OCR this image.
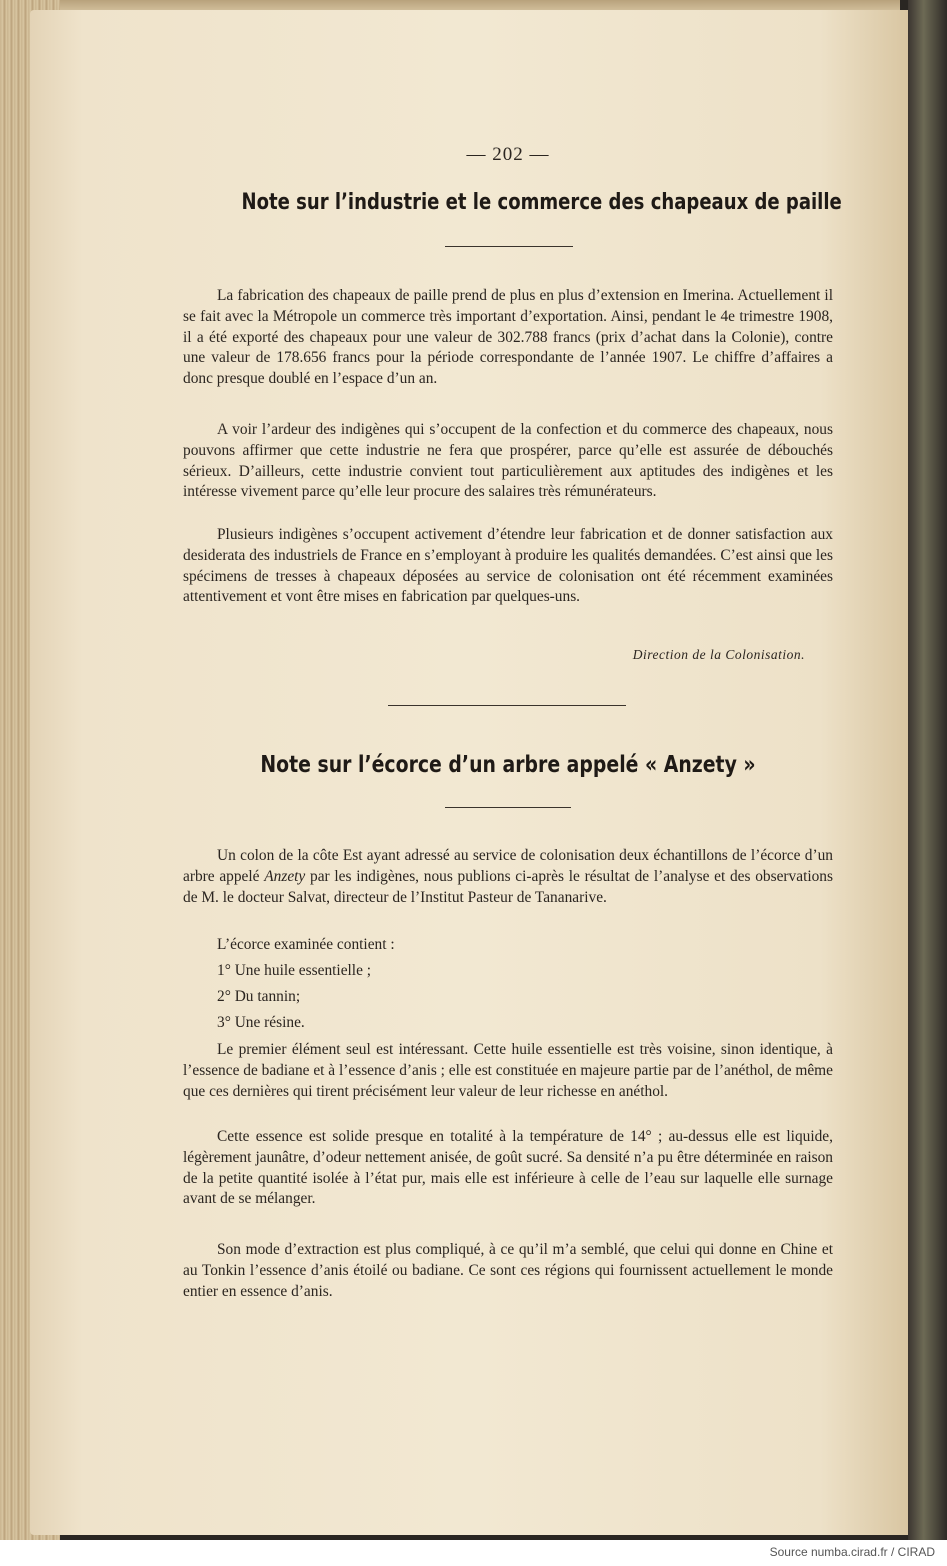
— 202 —
Note sur l’industrie et le commerce des chapeaux de paille

La fabrication des chapeaux de paille prend de plus en plus d’extension en Imerina. Actuellement il se fait avec la Métropole un commerce très important d’exportation. Ainsi, pendant le 4e trimestre 1908, il a été exporté des chapeaux pour une valeur de 302.788 francs (prix d’achat dans la Colonie), contre une valeur de 178.656 francs pour la période correspondante de l’année 1907. Le chiffre d’affaires a donc presque doublé en l’espace d’un an.

A voir l’ardeur des indigènes qui s’occupent de la confection et du commerce des chapeaux, nous pouvons affirmer que cette industrie ne fera que prospérer, parce qu’elle est assurée de débouchés sérieux. D’ailleurs, cette industrie convient tout particulièrement aux aptitudes des indigènes et les intéresse vivement parce qu’elle leur procure des salaires très rémunérateurs.

Plusieurs indigènes s’occupent activement d’étendre leur fabrication et de donner satisfaction aux desiderata des industriels de France en s’employant à produire les qualités demandées. C’est ainsi que les spécimens de tresses à chapeaux déposées au service de colonisation ont été récemment examinées attentivement et vont être mises en fabrication par quelques-uns.

Direction de la Colonisation.
Note sur l’écorce d’un arbre appelé « Anzety »

Un colon de la côte Est ayant adressé au service de colonisation deux échantillons de l’écorce d’un arbre appelé Anzety par les indigènes, nous publions ci-après le résultat de l’analyse et des observations de M. le docteur Salvat, directeur de l’Institut Pasteur de Tananarive.

L’écorce examinée contient :
1° Une huile essentielle ;
2° Du tannin;
3° Une résine.

Le premier élément seul est intéressant. Cette huile essentielle est très voisine, sinon identique, à l’essence de badiane et à l’essence d’anis ; elle est constituée en majeure partie par de l’anéthol, de même que ces dernières qui tirent précisément leur valeur de leur richesse en anéthol.

Cette essence est solide presque en totalité à la température de 14° ; au-dessus elle est liquide, légèrement jaunâtre, d’odeur nettement anisée, de goût sucré. Sa densité n’a pu être déterminée en raison de la petite quantité isolée à l’état pur, mais elle est inférieure à celle de l’eau sur laquelle elle surnage avant de se mélanger.

Son mode d’extraction est plus compliqué, à ce qu’il m’a semblé, que celui qui donne en Chine et au Tonkin l’essence d’anis étoilé ou badiane. Ce sont ces régions qui fournissent actuellement le monde entier en essence d’anis.

Source numba.cirad.fr / CIRAD
